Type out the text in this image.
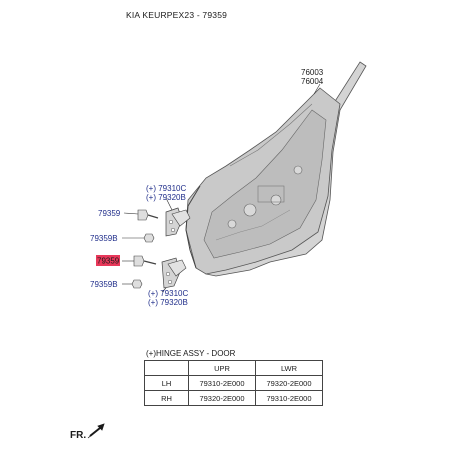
KIA KEURPEX23 - 79359
76003
76004
(+) 79310C
(+) 79320B
79359
79359B
(+) 79310C
(+) 79320B
79359
79359B
(+)HINGE ASSY - DOOR
	UPR	LWR
LH	79310-2E000	79320-2E000
RH	79320-2E000	79310-2E000
FR.
